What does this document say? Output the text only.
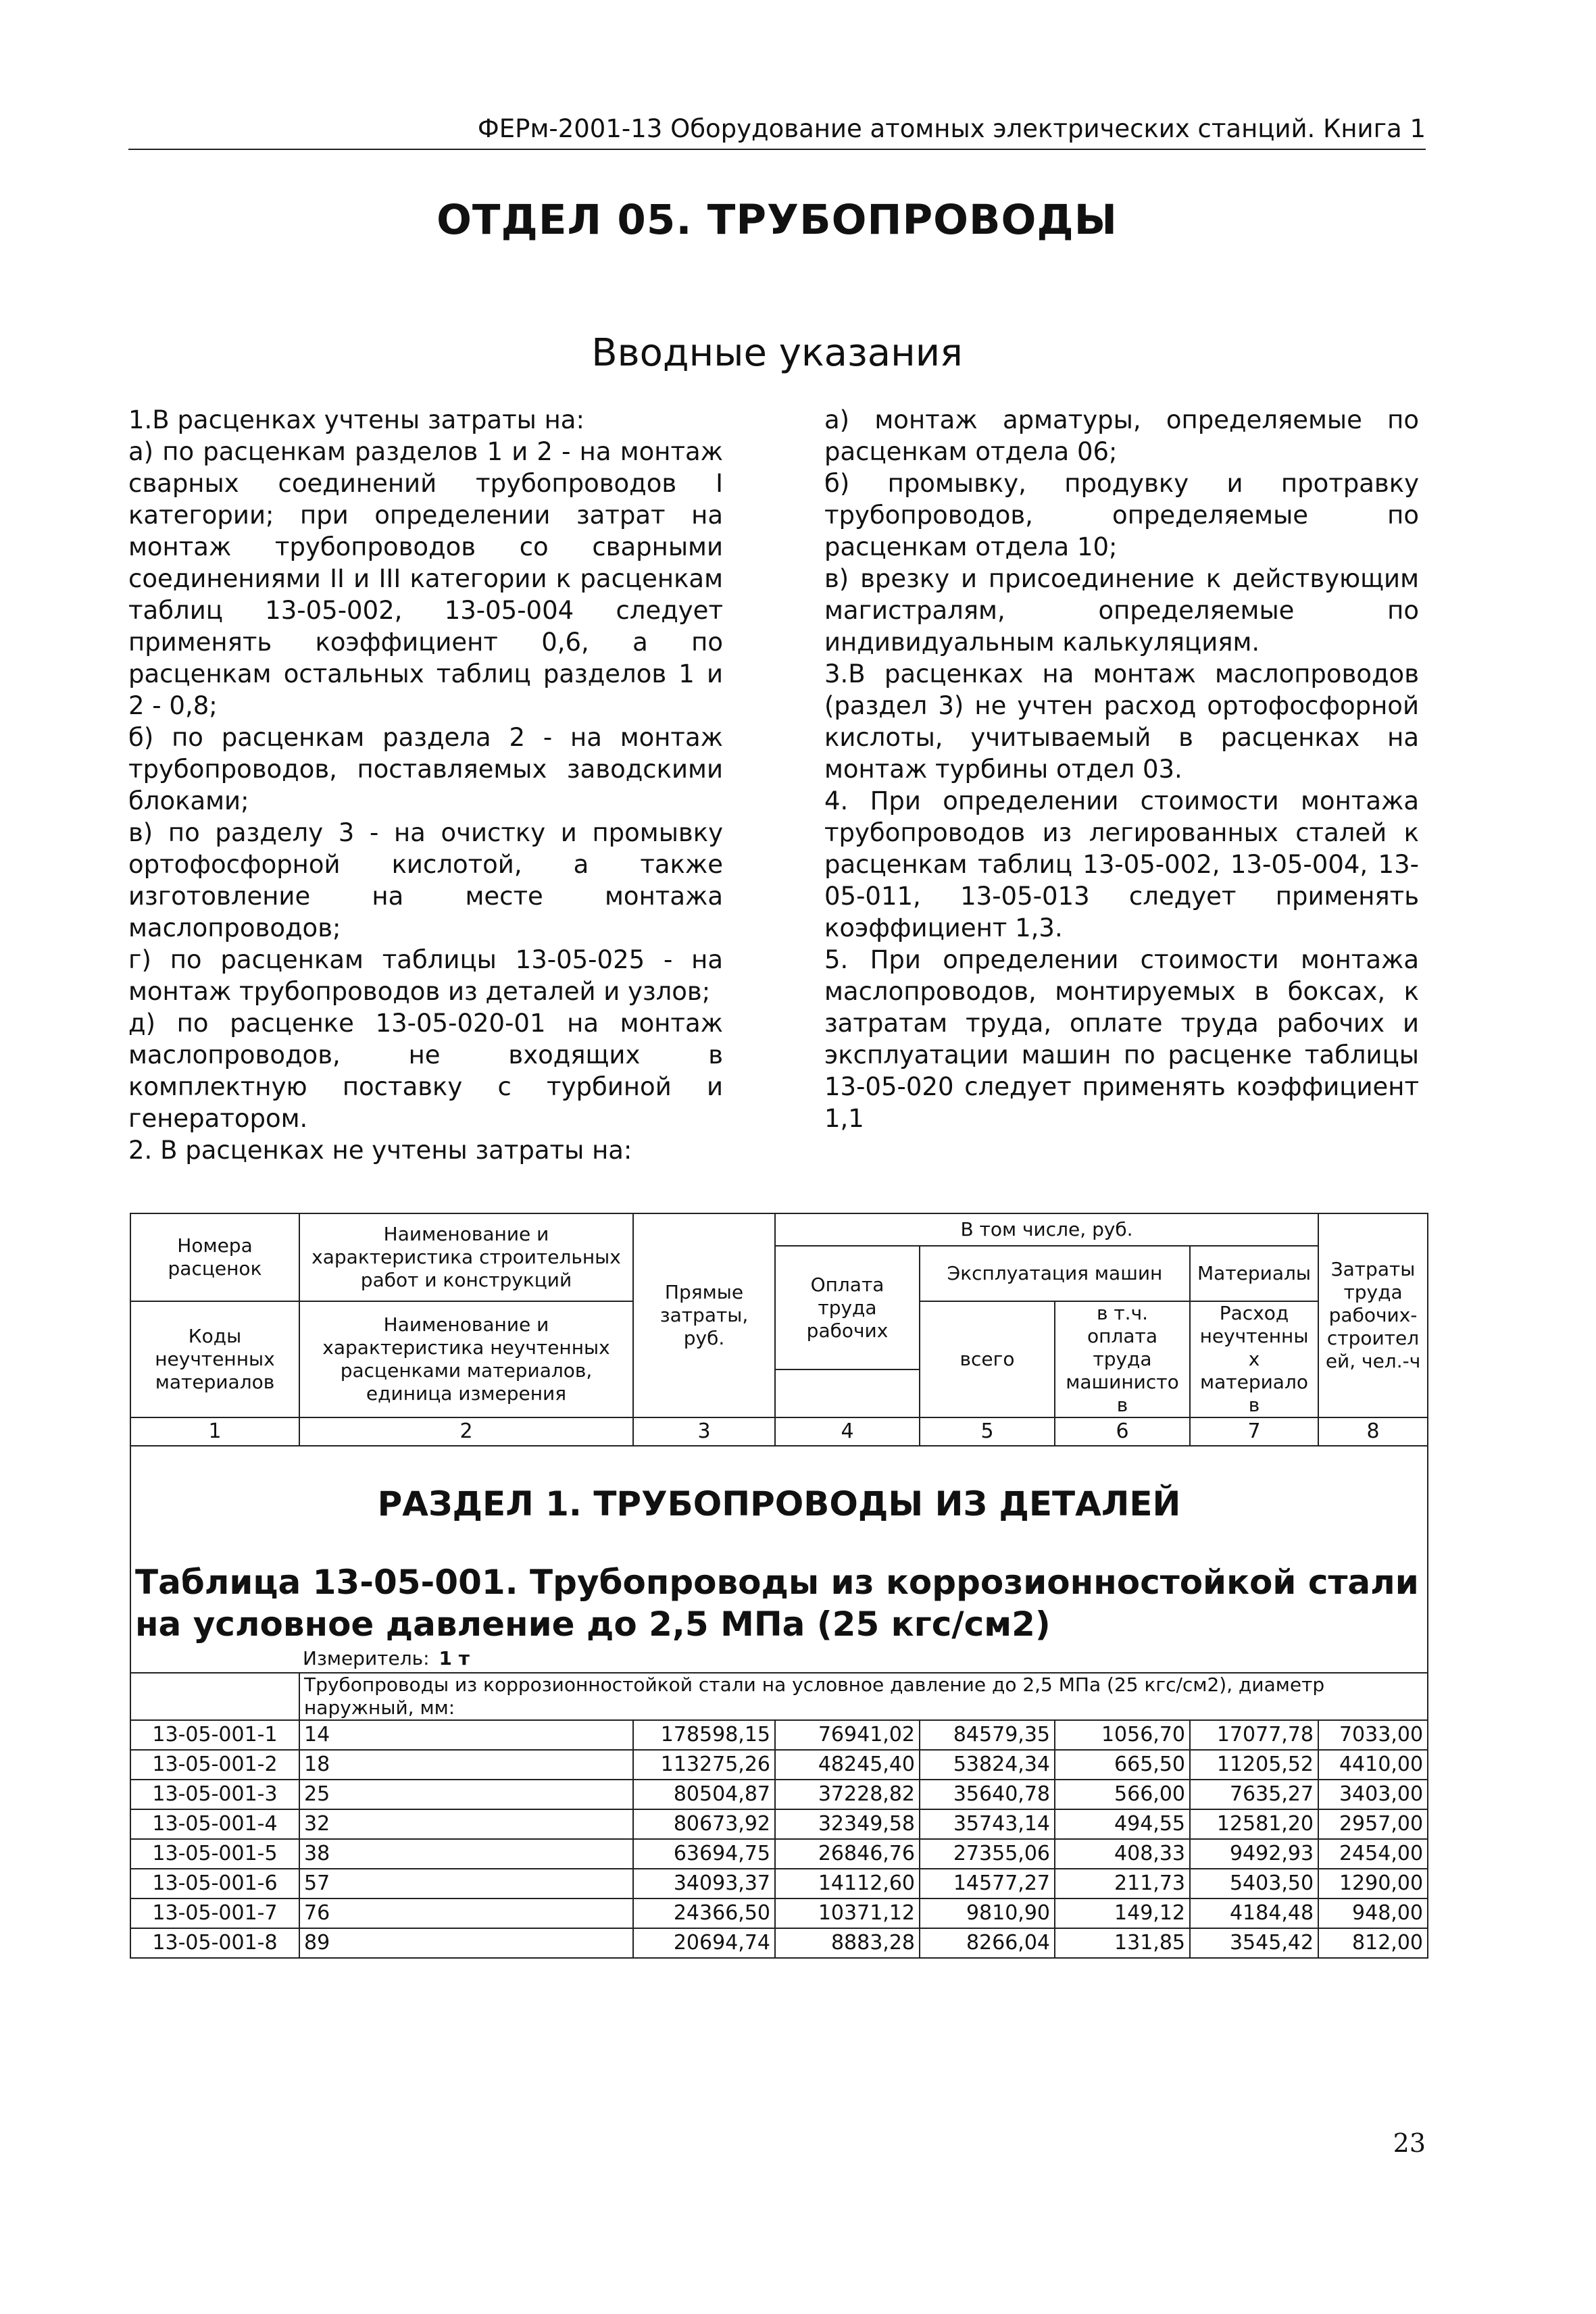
ФЕРм-2001-13 Оборудование атомных электрических станций. Книга 1
ОТДЕЛ 05. ТРУБОПРОВОДЫ
Вводные указания

1.В расценках учтены затраты на:

а) по расценкам разделов 1 и 2 - на монтаж сварных соединений трубопроводов I категории; при определении затрат на монтаж трубопроводов со сварными соединениями II и III категории к расценкам таблиц 13-05-002, 13-05-004 следует применять коэффициент 0,6, а по расценкам остальных таблиц разделов 1 и 2 - 0,8;

б) по расценкам раздела 2 - на монтаж трубопроводов, поставляемых заводскими блоками;

в) по разделу 3 - на очистку и промывку ортофосфорной кислотой, а также изготовление на месте монтажа маслопроводов;

г) по расценкам таблицы 13-05-025 - на монтаж трубопроводов из деталей и узлов;

д) по расценке 13-05-020-01 на монтаж маслопроводов, не входящих в комплектную поставку с турбиной и генератором.

2. В расценках не учтены затраты на:

а) монтаж арматуры, определяемые по расценкам отдела 06;

б) промывку, продувку и протравку трубопроводов, определяемые по расценкам отдела 10;

в) врезку и присоединение к действующим магистралям, определяемые по индивидуальным калькуляциям.

3.В расценках на монтаж маслопроводов (раздел 3) не учтен расход ортофосфорной кислоты, учитываемый в расценках на монтаж турбины отдел 03.

4. При определении стоимости монтажа трубопроводов из легированных сталей к расценкам таблиц 13-05-002, 13-05-004, 13-05-011, 13-05-013 следует применять коэффициент 1,3.

5. При определении стоимости монтажа маслопроводов, монтируемых в боксах, к затратам труда, оплате труда рабочих и эксплуатации машин по расценке таблицы 13-05-020 следует применять коэффициент 1,1

Номера расценок	Наименование и характеристика строительных работ и конструкций	Прямые затраты, руб.	В том числе, руб.				Затраты труда рабочих-строител ей, чел.-ч
			Оплата труда рабочих	Эксплуатация машин		Материалы	

Коды неучтенных материалов	Наименование и характеристика неучтенных расценками материалов, единица измерения			всего	в т.ч. оплата труда машинисто в	Расход неучтенны х материало в	

1	2	3	4	5	6	7	8
РАЗДЕЛ 1. ТРУБОПРОВОДЫ ИЗ ДЕТАЛЕЙ							
Таблица 13-05-001. Трубопроводы из коррозионностойкой стали на условное давление до 2,5 МПа (25 кгс/см2)							
Измеритель: 1 т							
	Трубопроводы из коррозионностойкой стали на условное давление до 2,5 МПа (25 кгс/см2), диаметр наружный, мм:						
13-05-001-1	14	178598,15	76941,02	84579,35	1056,70	17077,78	7033,00
13-05-001-2	18	113275,26	48245,40	53824,34	665,50	11205,52	4410,00
13-05-001-3	25	80504,87	37228,82	35640,78	566,00	7635,27	3403,00
13-05-001-4	32	80673,92	32349,58	35743,14	494,55	12581,20	2957,00
13-05-001-5	38	63694,75	26846,76	27355,06	408,33	9492,93	2454,00
13-05-001-6	57	34093,37	14112,60	14577,27	211,73	5403,50	1290,00
13-05-001-7	76	24366,50	10371,12	9810,90	149,12	4184,48	948,00
13-05-001-8	89	20694,74	8883,28	8266,04	131,85	3545,42	812,00
23
